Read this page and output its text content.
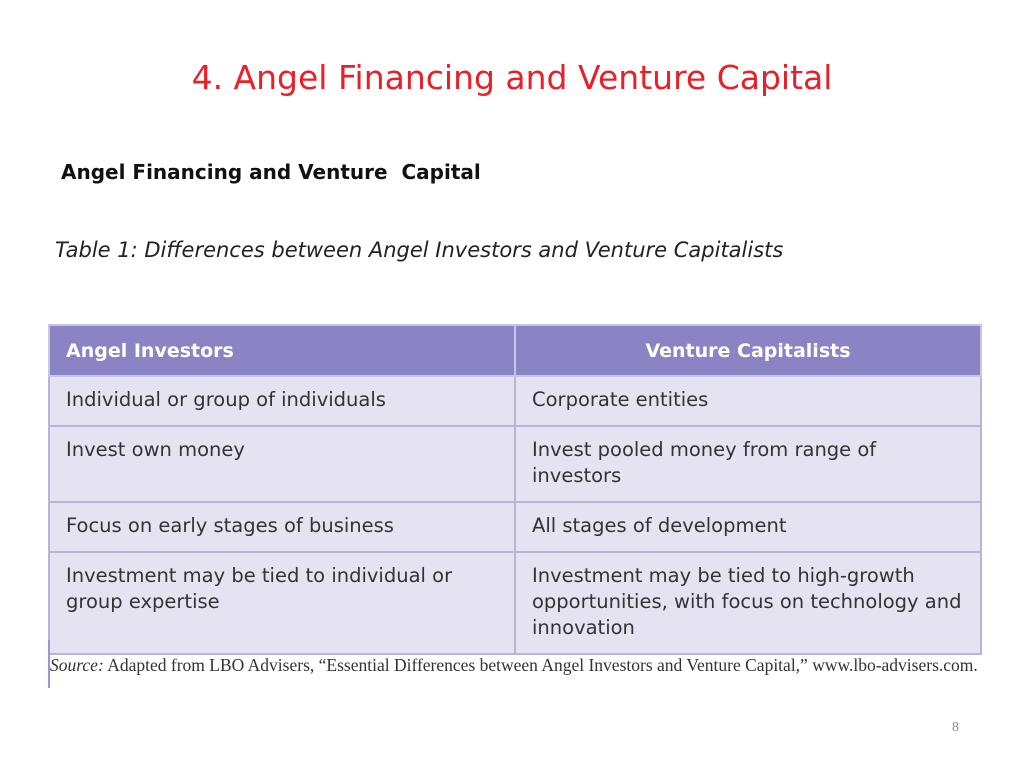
4. Angel Financing and Venture Capital
Angel Financing and Venture  Capital
Table 1: Differences between Angel Investors and Venture Capitalists
Angel Investors	Venture Capitalists
Individual or group of individuals	Corporate entities
Invest own money	Invest pooled money from range of investors
Focus on early stages of business	All stages of development
Investment may be tied to individual or group expertise	Investment may be tied to high-growth opportunities, with focus on technology and innovation
Source: Adapted from LBO Advisers, “Essential Differences between Angel Investors and Venture Capital,” www.lbo-advisers.com.
8
